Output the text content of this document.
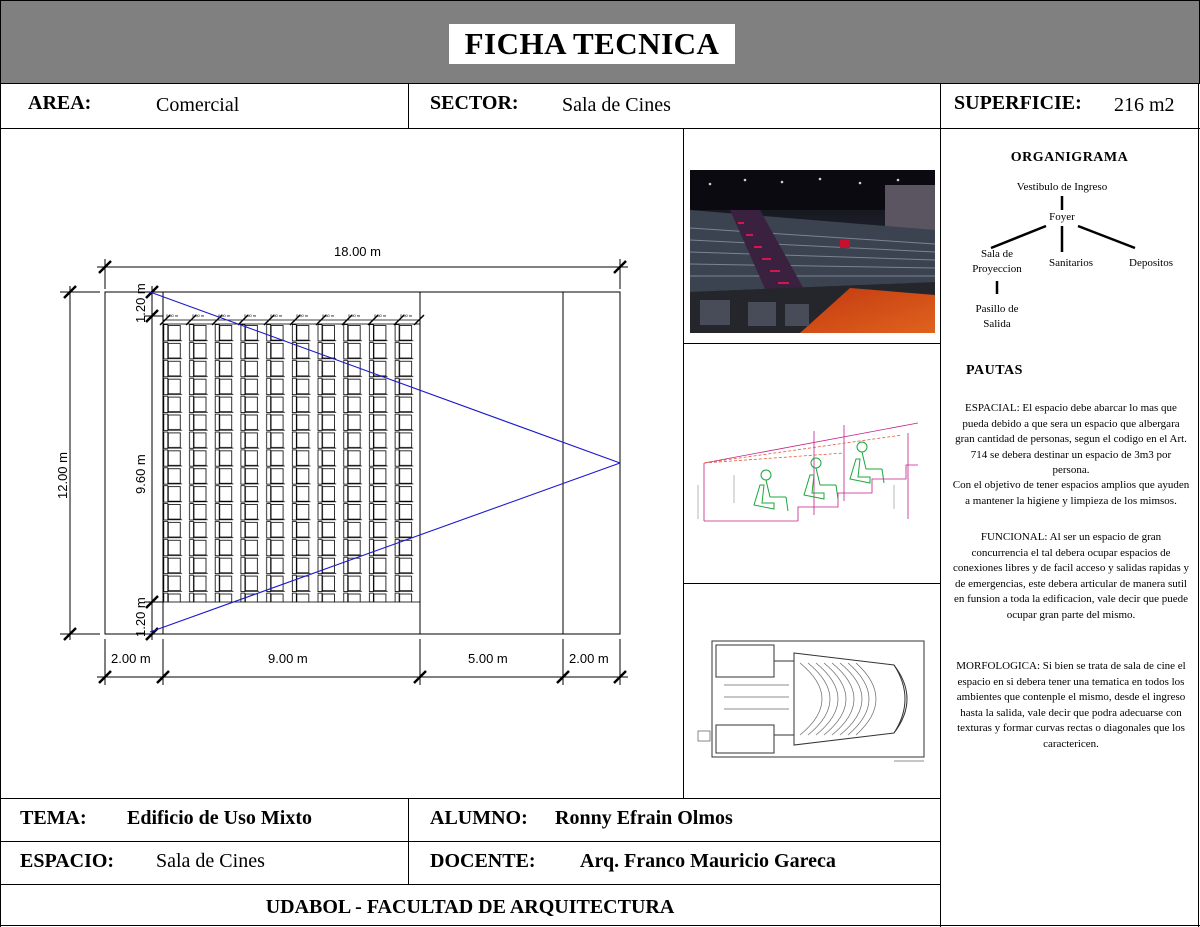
FICHA TECNICA
AREA:	Comercial	SECTOR: Sala de Cines	SUPERFICIE: 216 m2
0.50 m	0.50 m	0.50 m	0.50 m	0.50 m	0.50 m	0.50 m	0.50 m	0.50 m	0.50 m
18.00 m
12.00 m	9.60 m
1.20 m
1.20 m
2.00 m	9.00 m	5.00 m	2.00 m
ORGANIGRAMA
Vestibulo de Ingreso
Foyer
Sala de
Proyeccion	Sanitarios	Depositos
Pasillo de
Salida
PAUTAS
ESPACIAL: El espacio debe abarcar lo mas que pueda debido a que sera un espacio que albergara gran cantidad de personas, segun el codigo en el Art. 714 se debera destinar un espacio de 3m3 por persona.
Con el objetivo de tener espacios amplios que ayuden a mantener la higiene y limpieza de los mimsos.
FUNCIONAL: Al ser un espacio de gran concurrencia el tal debera ocupar espacios de conexiones libres y de facil acceso y salidas rapidas y de emergencias, este debera articular de manera sutil en funsion a toda la edificacion, vale decir que puede ocupar gran parte del mismo.
MORFOLOGICA: Si bien se trata de sala de cine el espacio en si debera tener una tematica en todos los ambientes que contenple el mismo, desde el ingreso hasta la salida, vale decir que podra adecuarse con texturas y formar curvas rectas o diagonales que los caractericen.
TEMA: Edificio de Uso Mixto	ALUMNO: Ronny Efrain Olmos
ESPACIO: Sala de Cines	DOCENTE: Arq. Franco Mauricio Gareca
UDABOL - FACULTAD DE ARQUITECTURA
